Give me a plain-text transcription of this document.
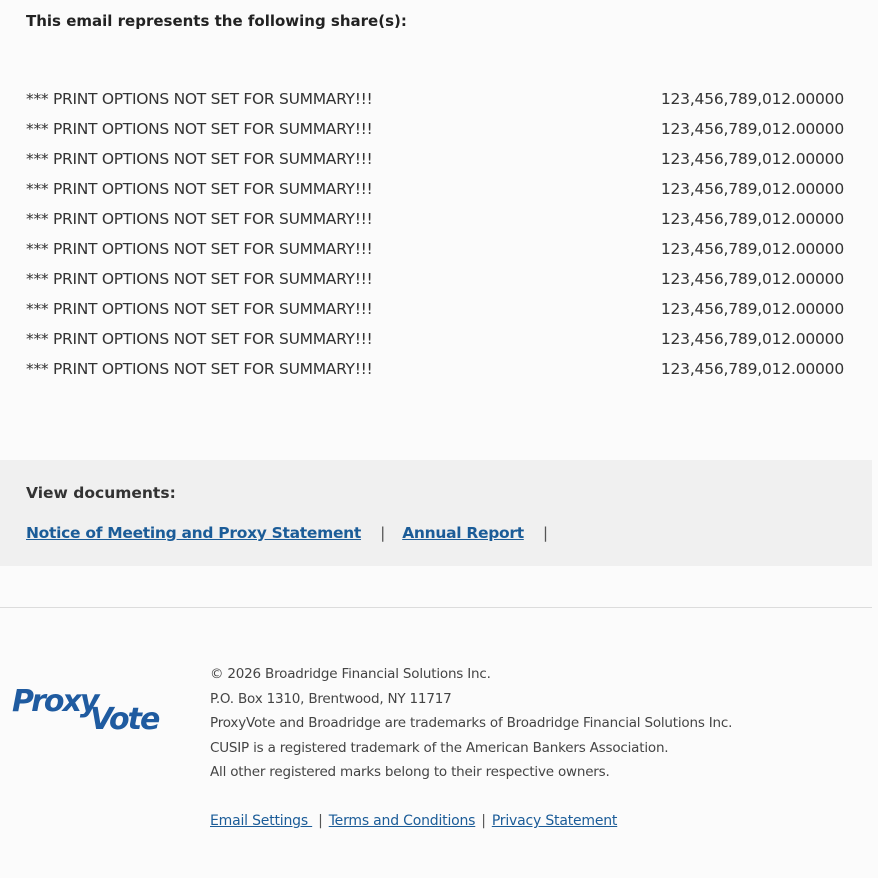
This email represents the following share(s):
*** PRINT OPTIONS NOT SET FOR SUMMARY!!!	123,456,789,012.00000
*** PRINT OPTIONS NOT SET FOR SUMMARY!!!	123,456,789,012.00000
*** PRINT OPTIONS NOT SET FOR SUMMARY!!!	123,456,789,012.00000
*** PRINT OPTIONS NOT SET FOR SUMMARY!!!	123,456,789,012.00000
*** PRINT OPTIONS NOT SET FOR SUMMARY!!!	123,456,789,012.00000
*** PRINT OPTIONS NOT SET FOR SUMMARY!!!	123,456,789,012.00000
*** PRINT OPTIONS NOT SET FOR SUMMARY!!!	123,456,789,012.00000
*** PRINT OPTIONS NOT SET FOR SUMMARY!!!	123,456,789,012.00000
*** PRINT OPTIONS NOT SET FOR SUMMARY!!!	123,456,789,012.00000
*** PRINT OPTIONS NOT SET FOR SUMMARY!!!	123,456,789,012.00000
View documents:
Notice of Meeting and Proxy Statement | Annual Report |
Proxy
Vote
© 2026 Broadridge Financial Solutions Inc.
P.O. Box 1310, Brentwood, NY 11717
ProxyVote and Broadridge are trademarks of Broadridge Financial Solutions Inc.
CUSIP is a registered trademark of the American Bankers Association.
All other registered marks belong to their respective owners.
Email Settings | Terms and Conditions | Privacy Statement
